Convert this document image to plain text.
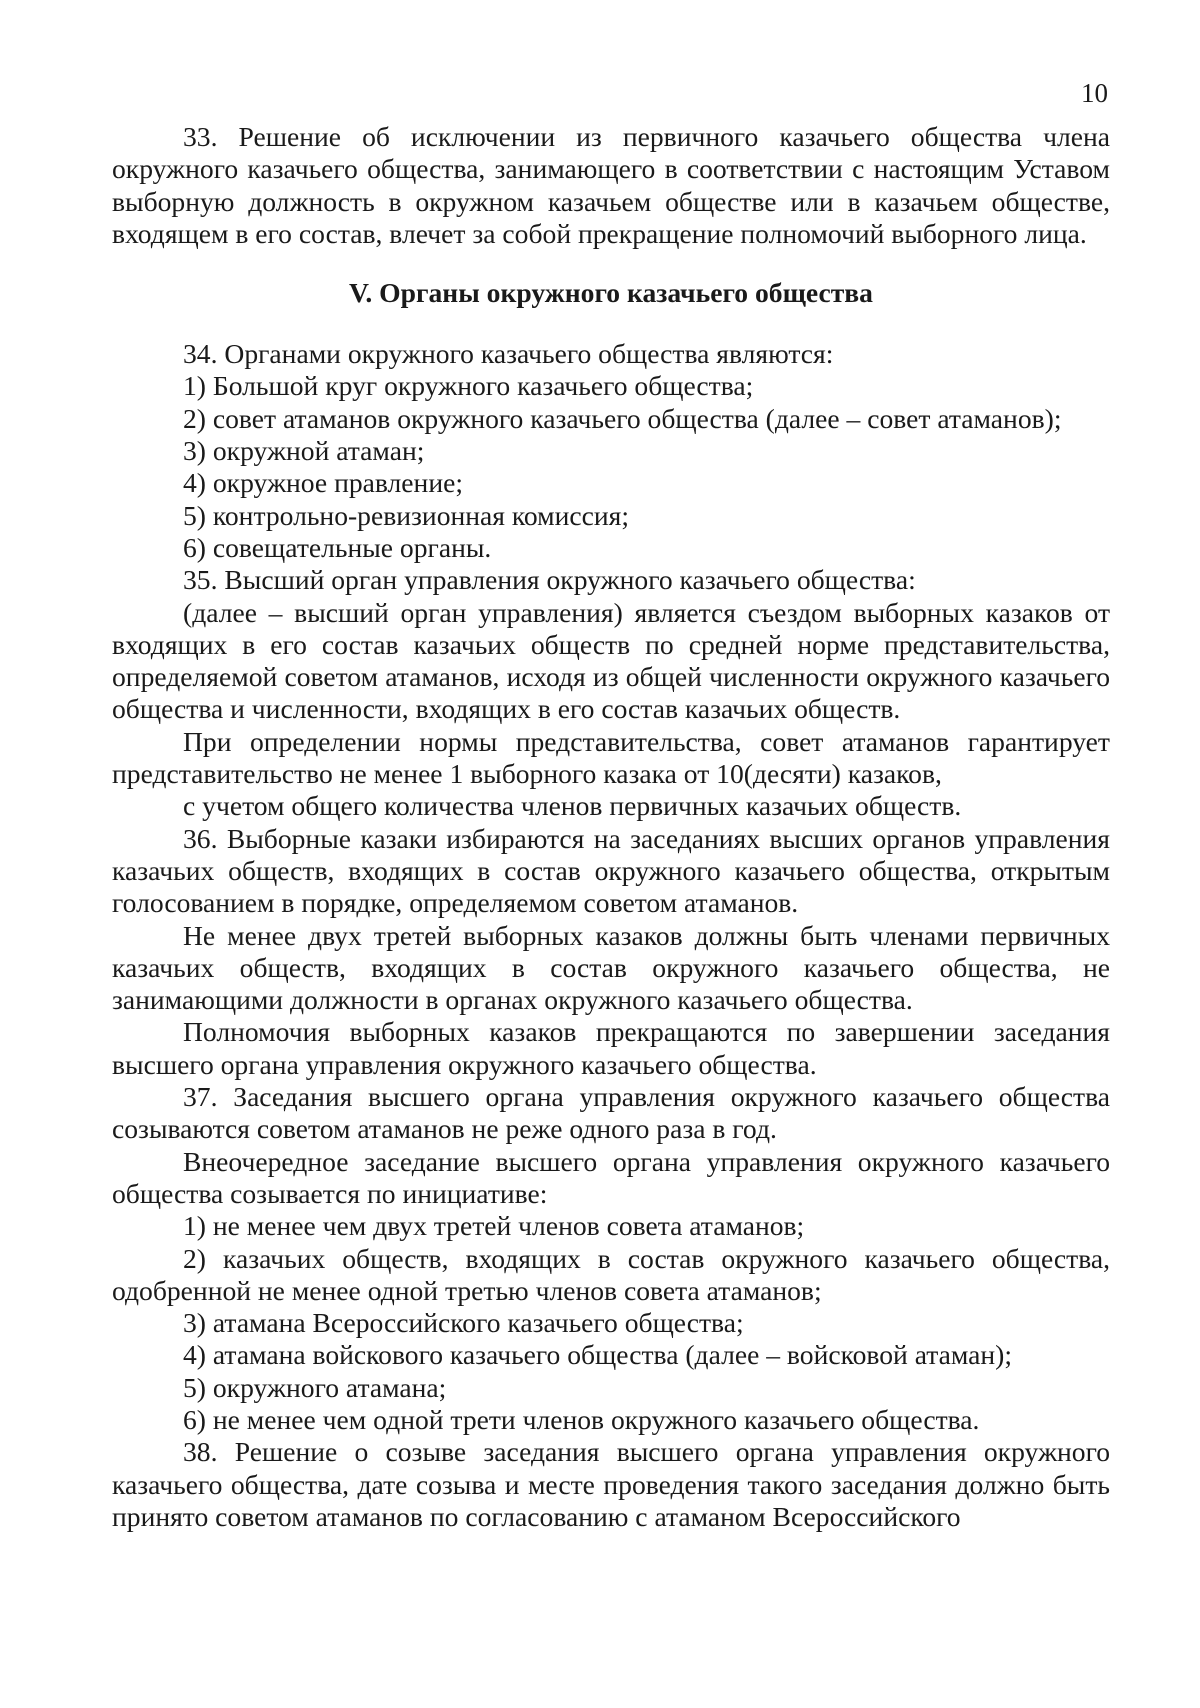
10

33. Решение об исключении из первичного казачьего общества члена окружного казачьего общества, занимающего в соответствии с настоящим Уставом выборную должность в окружном казачьем обществе или в казачьем обществе, входящем в его состав, влечет за собой прекращение полномочий выборного лица.

V. Органы окружного казачьего общества

34. Органами окружного казачьего общества являются:

1) Большой круг окружного казачьего общества;

2) совет атаманов окружного казачьего общества (далее – совет атаманов);

3) окружной атаман;

4) окружное правление;

5) контрольно-ревизионная комиссия;

6) совещательные органы.

35. Высший орган управления окружного казачьего общества:

(далее – высший орган управления) является съездом выборных казаков от входящих в его состав казачьих обществ по средней норме представительства, определяемой советом атаманов, исходя из общей численности окружного казачьего общества и численности, входящих в его состав казачьих обществ.

При определении нормы представительства, совет атаманов гарантирует представительство не менее 1 выборного казака от 10(десяти) казаков,

с учетом общего количества членов первичных казачьих обществ.

36. Выборные казаки избираются на заседаниях высших органов управления казачьих обществ, входящих в состав окружного казачьего общества, открытым голосованием в порядке, определяемом советом атаманов.

Не менее двух третей выборных казаков должны быть членами первичных казачьих обществ, входящих в состав окружного казачьего общества, не занимающими должности в органах окружного казачьего общества.

Полномочия выборных казаков прекращаются по завершении заседания высшего органа управления окружного казачьего общества.

37. Заседания высшего органа управления окружного казачьего общества созываются советом атаманов не реже одного раза в год.

Внеочередное заседание высшего органа управления окружного казачьего общества созывается по инициативе:

1) не менее чем двух третей членов совета атаманов;

2) казачьих обществ, входящих в состав окружного казачьего общества, одобренной не менее одной третью членов совета атаманов;

3) атамана Всероссийского казачьего общества;

4) атамана войскового казачьего общества (далее – войсковой атаман);

5) окружного атамана;

6) не менее чем одной трети членов окружного казачьего общества.

38. Решение о созыве заседания высшего органа управления окружного казачьего общества, дате созыва и месте проведения такого заседания должно быть принято советом атаманов по согласованию с атаманом Всероссийского
